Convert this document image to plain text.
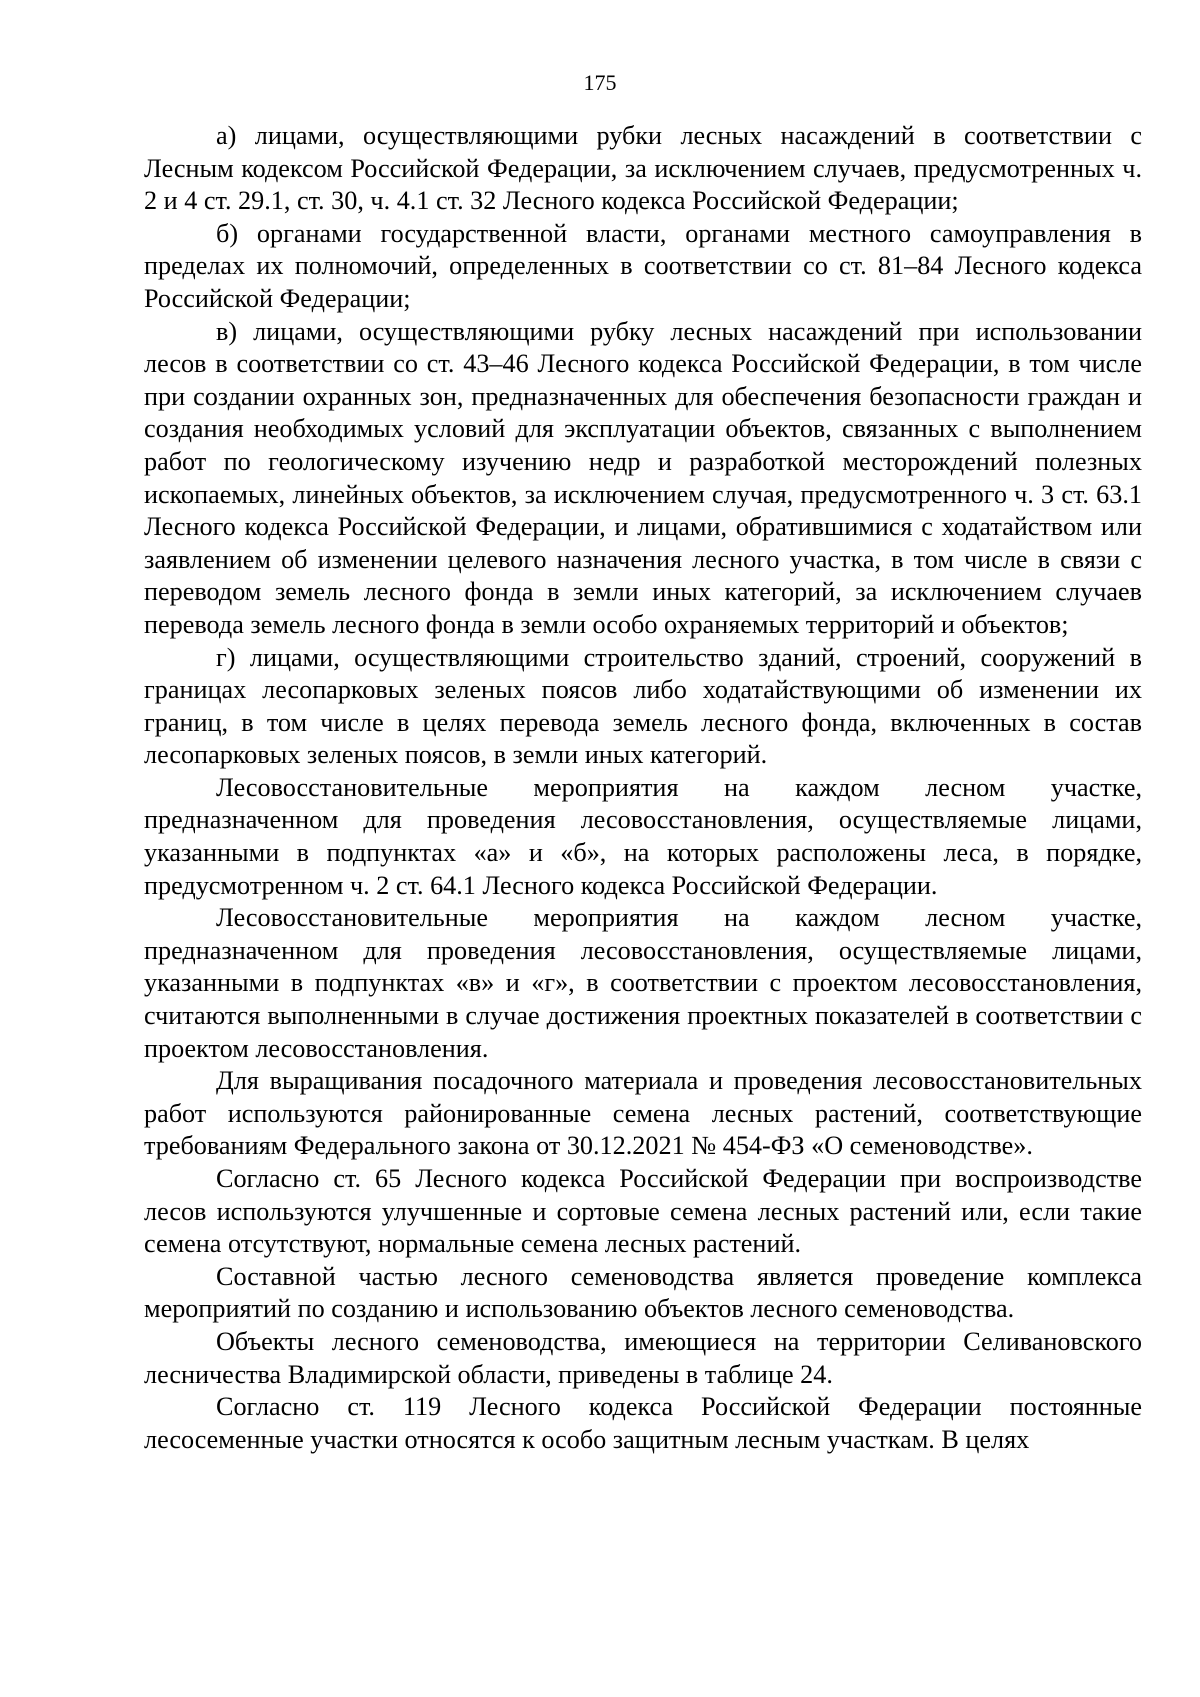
175

а) лицами, осуществляющими рубки лесных насаждений в соответствии с Лесным кодексом Российской Федерации, за исключением случаев, предусмотренных ч. 2 и 4 ст. 29.1, ст. 30, ч. 4.1 ст. 32 Лесного кодекса Российской Федерации;

б) органами государственной власти, органами местного самоуправления в пределах их полномочий, определенных в соответствии со ст. 81–84 Лесного кодекса Российской Федерации;

в) лицами, осуществляющими рубку лесных насаждений при использовании лесов в соответствии со ст. 43–46 Лесного кодекса Российской Федерации, в том числе при создании охранных зон, предназначенных для обеспечения безопасности граждан и создания необходимых условий для эксплуатации объектов, связанных с выполнением работ по геологическому изучению недр и разработкой месторождений полезных ископаемых, линейных объектов, за исключением случая, предусмотренного ч. 3 ст. 63.1 Лесного кодекса Российской Федерации, и лицами, обратившимися с ходатайством или заявлением об изменении целевого назначения лесного участка, в том числе в связи с переводом земель лесного фонда в земли иных категорий, за исключением случаев перевода земель лесного фонда в земли особо охраняемых территорий и объектов;

г) лицами, осуществляющими строительство зданий, строений, сооружений в границах лесопарковых зеленых поясов либо ходатайствующими об изменении их границ, в том числе в целях перевода земель лесного фонда, включенных в состав лесопарковых зеленых поясов, в земли иных категорий.

Лесовосстановительные мероприятия на каждом лесном участке, предназначенном для проведения лесовосстановления, осуществляемые лицами, указанными в подпунктах «а» и «б», на которых расположены леса, в порядке, предусмотренном ч. 2 ст. 64.1 Лесного кодекса Российской Федерации.

Лесовосстановительные мероприятия на каждом лесном участке, предназначенном для проведения лесовосстановления, осуществляемые лицами, указанными в подпунктах «в» и «г», в соответствии с проектом лесовосстановления, считаются выполненными в случае достижения проектных показателей в соответствии с проектом лесовосстановления.

Для выращивания посадочного материала и проведения лесовосстановительных работ используются районированные семена лесных растений, соответствующие требованиям Федерального закона от 30.12.2021 № 454-ФЗ «О семеноводстве».

Согласно ст. 65 Лесного кодекса Российской Федерации при воспроизводстве лесов используются улучшенные и сортовые семена лесных растений или, если такие семена отсутствуют, нормальные семена лесных растений.

Составной частью лесного семеноводства является проведение комплекса мероприятий по созданию и использованию объектов лесного семеноводства.

Объекты лесного семеноводства, имеющиеся на территории Селивановского лесничества Владимирской области, приведены в таблице 24.

Согласно ст. 119 Лесного кодекса Российской Федерации постоянные лесосеменные участки относятся к особо защитным лесным участкам. В целях
